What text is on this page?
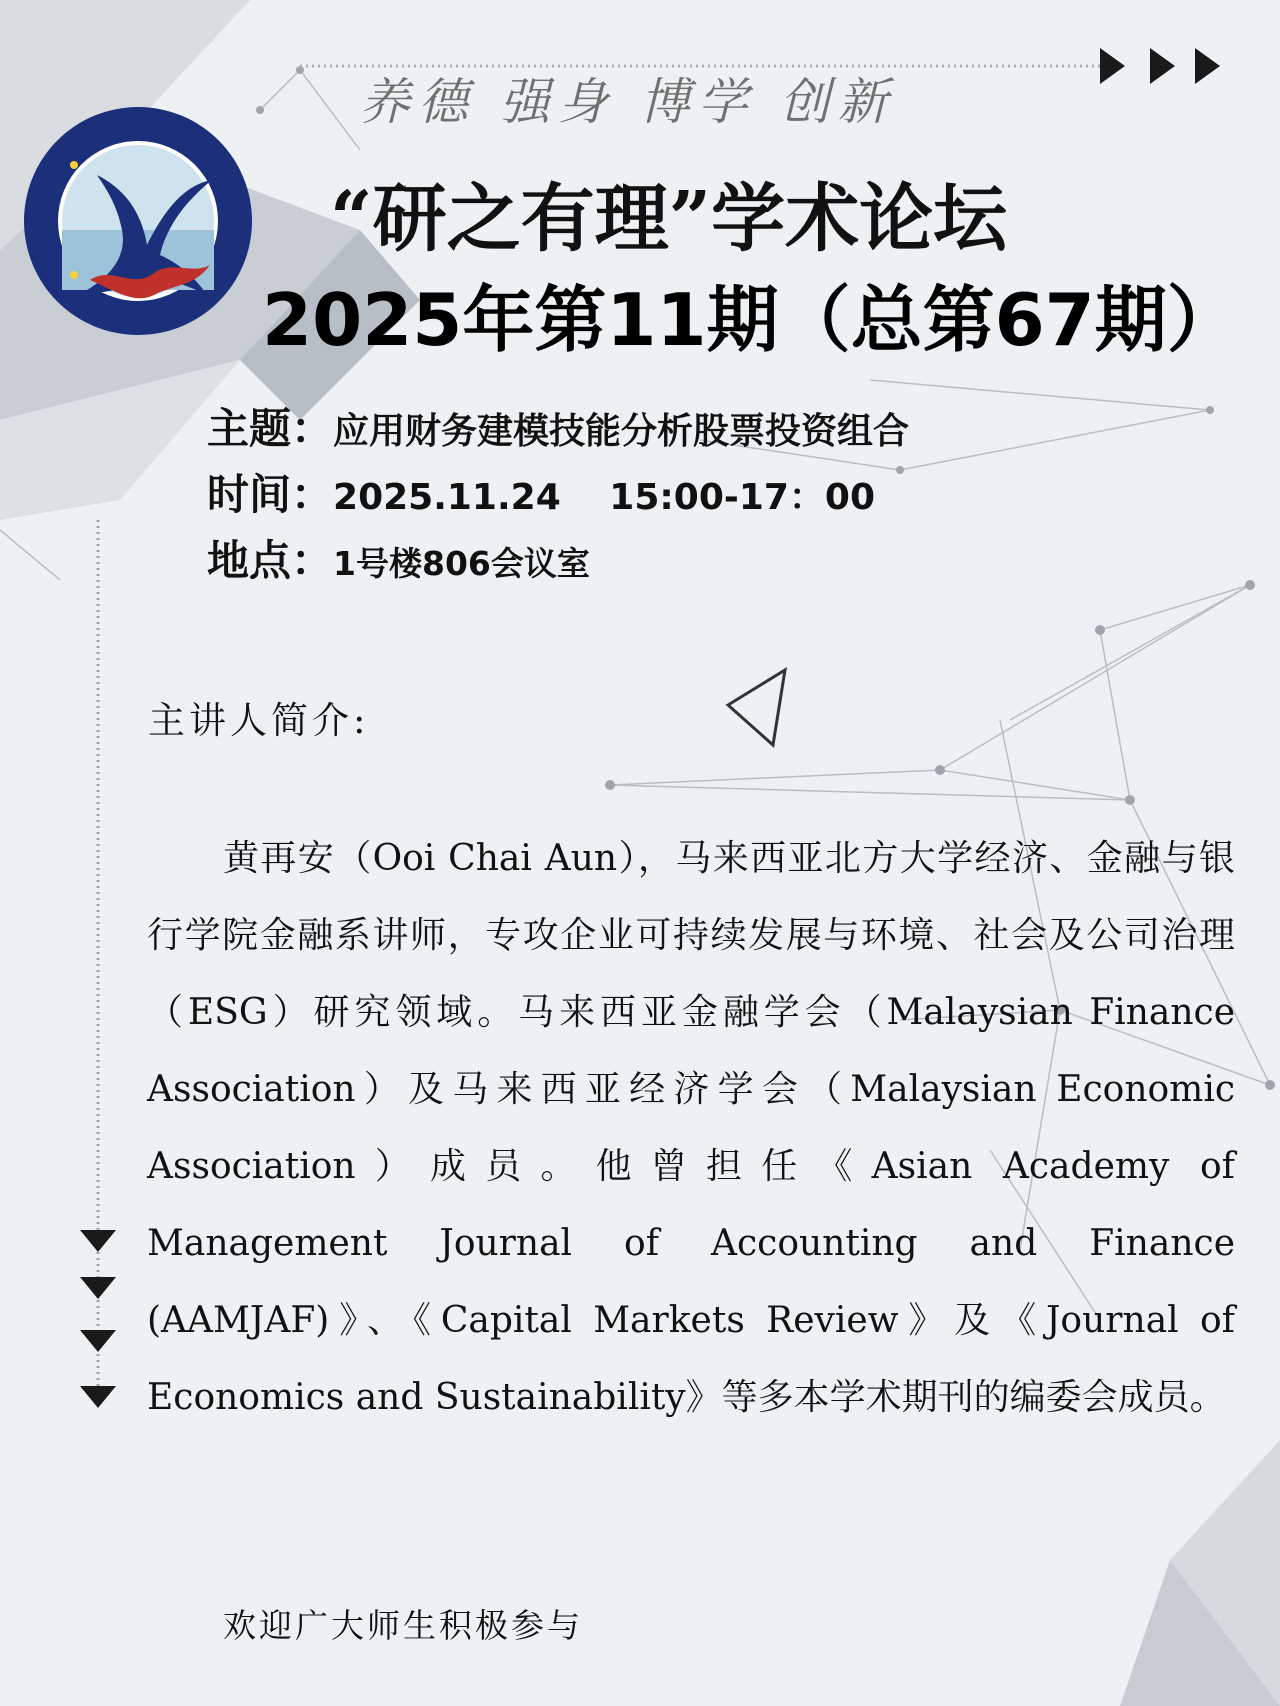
养德 强身 博学 创新
“研之有理”学术论坛
2025年第11期（总第67期）
主题：应用财务建模技能分析股票投资组合
时间：2025.11.24　 15:00-17：00
地点：1号楼806会议室
主讲人简介:
黄再安（Ooi Chai Aun），马来西亚北方大学经济、金融与银行学院金融系讲师，专攻企业可持续发展与环境、社会及公司治理（ESG）研究领域。马来西亚金融学会（Malaysian Finance Association）及马来西亚经济学会（Malaysian Economic Association）成员。他曾担任《Asian Academy of Management Journal of Accounting and Finance (AAMJAF)》、《Capital Markets Review》及《Journal of Economics and Sustainability》等多本学术期刊的编委会成员。
欢迎广大师生积极参与
